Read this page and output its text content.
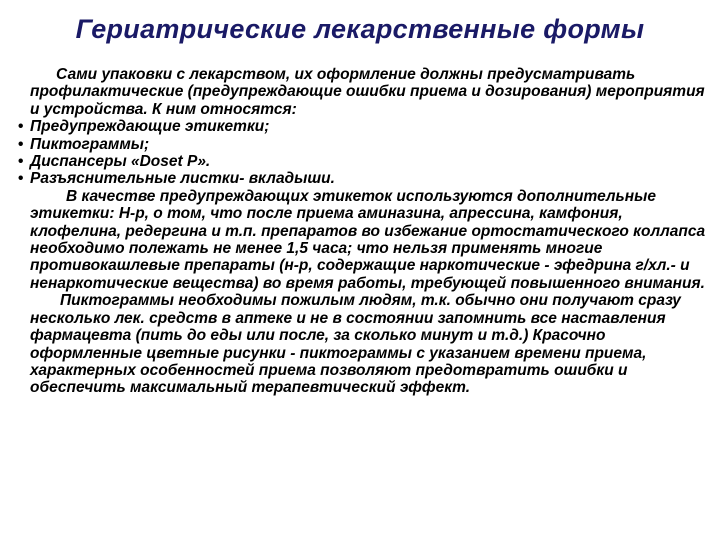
Гериатрические лекарственные формы

Сами упаковки с лекарством, их оформление должны предусматривать профилактические (предупреждающие ошибки приема и дозирования) мероприятия и устройства. К ним относятся:

• Предупреждающие этикетки;
• Пиктограммы;
• Диспансеры «Doset P».
• Разъяснительные листки- вкладыши.

В качестве предупреждающих этикеток используются дополнительные этикетки: Н-р, о том, что после приема аминазина, апрессина, камфония, клофелина, редергина и т.п. препаратов во избежание ортостатического коллапса необходимо полежать не менее 1,5 часа; что нельзя применять многие противокашлевые препараты (н-р, содержащие наркотические - эфедрина г/хл.- и ненаркотические вещества) во время работы, требующей повышенного внимания.

Пиктограммы необходимы пожилым людям, т.к. обычно они получают сразу несколько лек. средств в аптеке и не в состоянии запомнить все наставления фармацевта (пить до еды или после, за сколько минут и т.д.) Красочно оформленные цветные рисунки - пиктограммы с указанием времени приема, характерных особенностей приема позволяют предотвратить ошибки и обеспечить максимальный терапевтический эффект.
